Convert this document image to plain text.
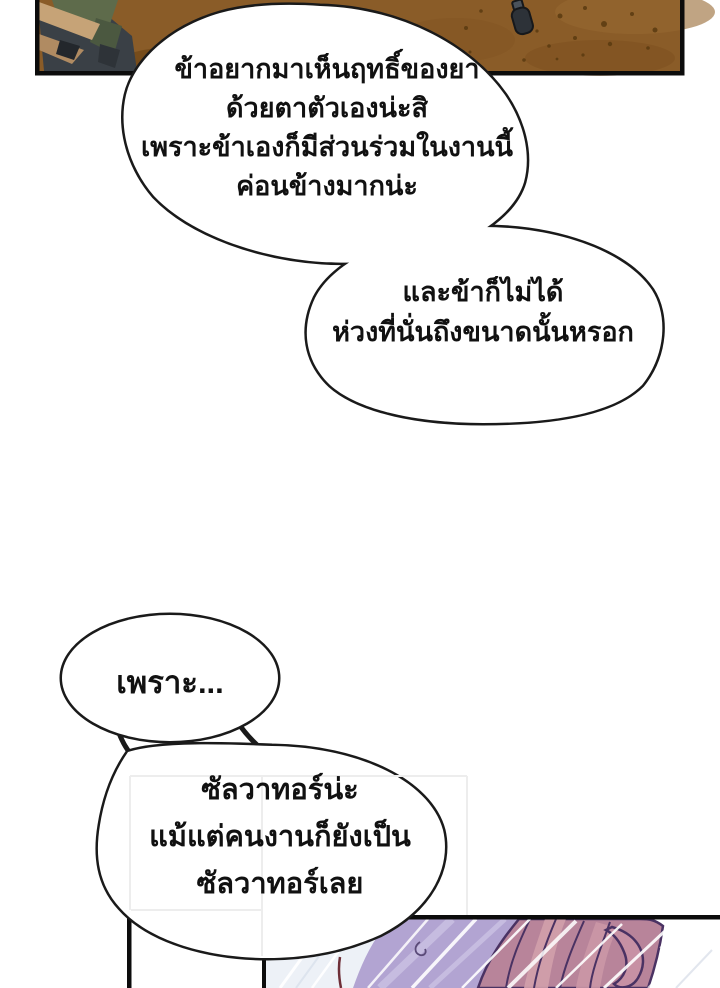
ข้าอยากมาเห็นฤทธิ์ของยา
ด้วยตาตัวเองน่ะสิ
เพราะข้าเองก็มีส่วนร่วมในงานนี้
ค่อนข้างมากน่ะ
และข้าก็ไม่ได้
ห่วงที่นั่นถึงขนาดนั้นหรอก
เพราะ...
ซัลวาทอร์น่ะ
แม้แต่คนงานก็ยังเป็น
ซัลวาทอร์เลย
